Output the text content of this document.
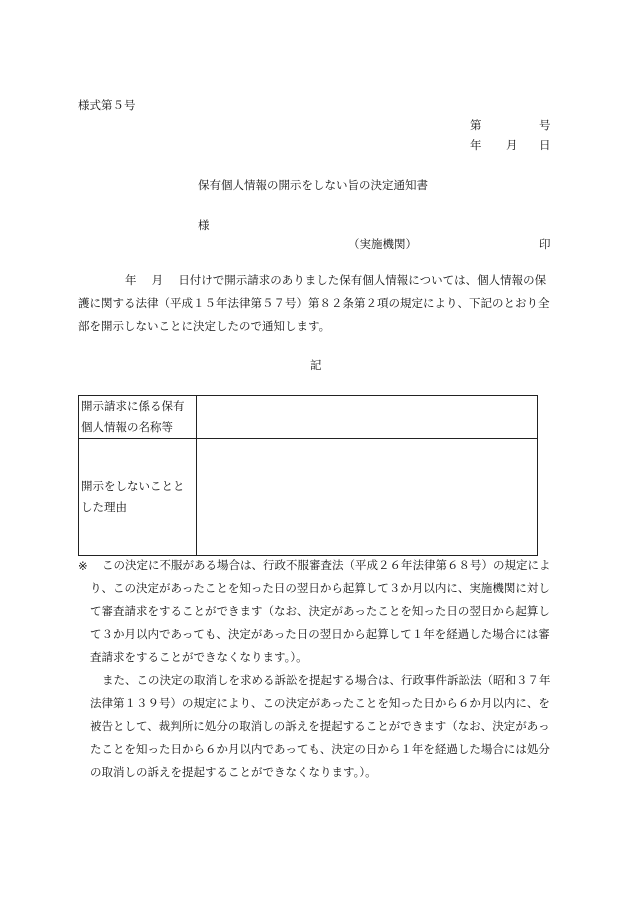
様式第５号

第	号

年 月 日

保有個人情報の開示をしない旨の決定通知書

様

（実施機関）	印

年　 月　 日付けで開示請求のありました保有個人情報については、個人情報の保護に関する法律（平成１５年法律第５７号）第８２条第２項の規定により、下記のとおり全部を開示しないことに決定したので通知します。

記

開示請求に係る保有個人情報の名称等	

開示をしないこととした理由	

※	この決定に不服がある場合は、行政不服審査法（平成２６年法律第６８号）の規定により、この決定があったことを知った日の翌日から起算して３か月以内に、実施機関に対して審査請求をすることができます（なお、決定があったことを知った日の翌日から起算して３か月以内であっても、決定があった日の翌日から起算して１年を経過した場合には審査請求をすることができなくなります。）。

また、この決定の取消しを求める訴訟を提起する場合は、行政事件訴訟法（昭和３７年法律第１３９号）の規定により、この決定があったことを知った日から６か月以内に、を被告として、裁判所に処分の取消しの訴えを提起することができます（なお、決定があったことを知った日から６か月以内であっても、決定の日から１年を経過した場合には処分の取消しの訴えを提起することができなくなります。）。
